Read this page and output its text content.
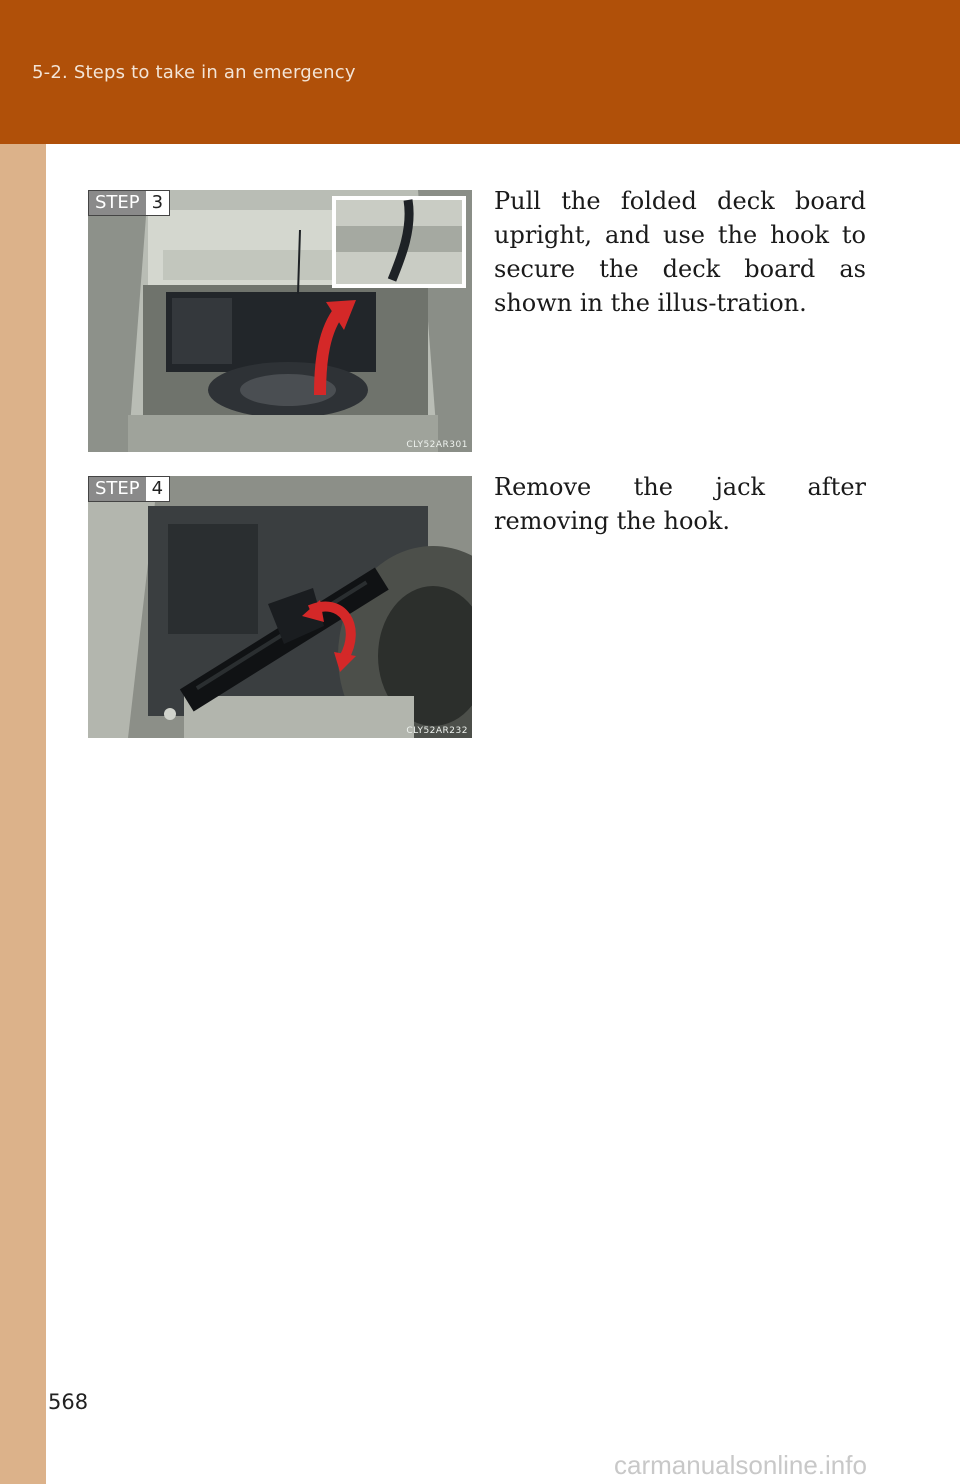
5-2. Steps to take in an emergency
STEP 3
CLY52AR301
Pull the folded deck board upright, and use the hook to secure the deck board as shown in the illus-tration.
STEP 4
CLY52AR232
Remove the jack after removing the hook.
568
carmanualsonline.info
